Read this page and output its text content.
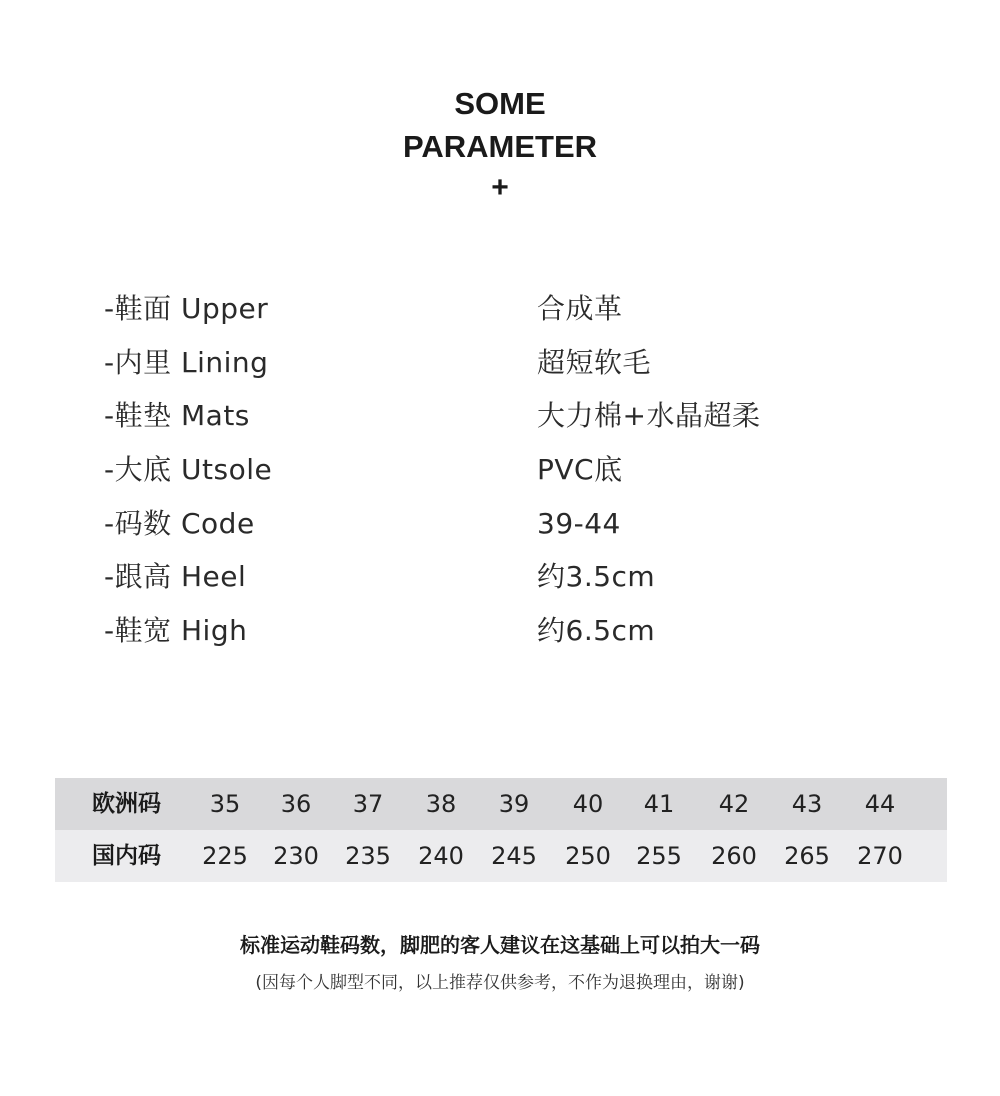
SOME
PARAMETER
+
-鞋面 Upper	合成革
-内里 Lining	超短软毛
-鞋垫 Mats	大力棉+水晶超柔
-大底 Utsole	PVC底
-码数 Code	39-44
-跟高 Heel	约3.5cm
-鞋宽 High	约6.5cm
欧洲码	35	36	37	38	39	40	41	42	43	44
国内码	225	230	235	240	245	250	255	260	265	270
标准运动鞋码数，脚肥的客人建议在这基础上可以拍大一码
(因每个人脚型不同，以上推荐仅供参考，不作为退换理由，谢谢)
